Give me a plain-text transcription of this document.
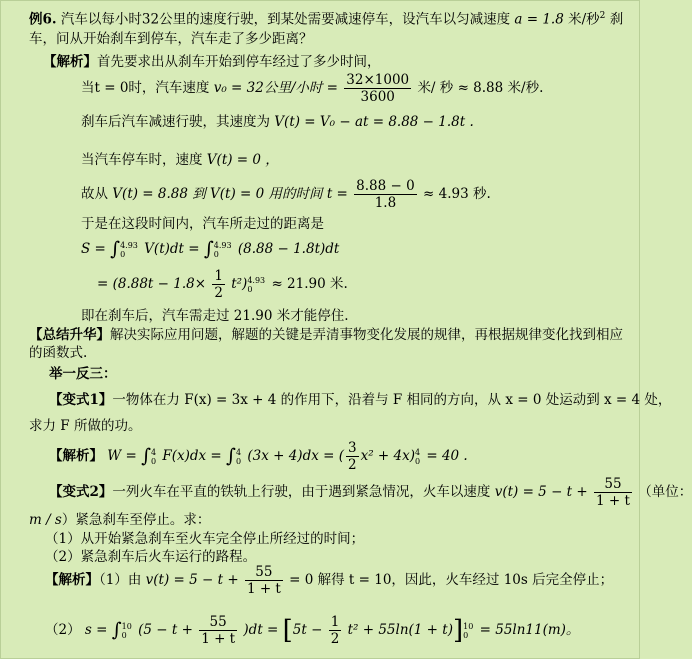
例6. 汽车以每小时32公里的速度行驶，到某处需要减速停车，设汽车以匀减速度 a = 1.8 米/秒$^2$ 刹
车，问从开始刹车到停车，汽车走了多少距离？
【解析】首先要求出从刹车开始到停车经过了多少时间，
当t = 0时，汽车速度 v₀ = 32公里/小时 = $\frac{32\times 1000}{3600}$ 米/ 秒 ≈ 8.88 米/秒.
刹车后汽车减速行驶，其速度为 V(t) = V₀ − at = 8.88 − 1.8t .
当汽车停车时，速度 V(t) = 0 ，
故从 V(t) = 8.88 到 V(t) = 0 用的时间 $t = \frac{8.88 - 0}{1.8} \approx 4.93$ 秒.
于是在这段时间内，汽车所走过的距离是
S = ∫ 4.93
0	V(t)dt = ∫ 4.93
0	(8.88 − 1.8t)dt
= $(8.88t - 1.8\times \frac{1}{2} t^2)$ 4.93
0	≈ 21.90 米.
即在刹车后，汽车需走过 21.90 米才能停住.
【总结升华】解决实际应用问题，解题的关键是弄清事物变化发展的规律，再根据规律变化找到相应
的函数式.
举一反三：
【变式1】一物体在力 F(x) = 3x + 4 的作用下，沿着与 F 相同的方向，从 x = 0 处运动到 x = 4 处，
求力 F 所做的功。
【解析】 W = ∫ 4
0 F(x)dx = ∫ 4
0 (3x + 4)dx = ( $\frac{3}{2} x^2 + 4x$) 4
0 = 40 .
【变式2】一列火车在平直的铁轨上行驶，由于遇到紧急情况，火车以速度 $v(t) = 5 - t + \frac{55}{1 + t}$ （单位：
m / s）紧急刹车至停止。求：
（1）从开始紧急刹车至火车完全停止所经过的时间；
（2）紧急刹车后火车运行的路程。
【解析】（1）由 $v(t) = 5 - t + \frac{55}{1 + t} = 0$ 解得 t = 10，因此，火车经过 10s 后完全停止；
（2） s = ∫ 10
0 $(5 - t + \frac{55}{1 + t} )dt = [5t - \frac{1}{2} t^2 + 55\ln(1 + t)]$ 10
0 = 55ln11(m)。
